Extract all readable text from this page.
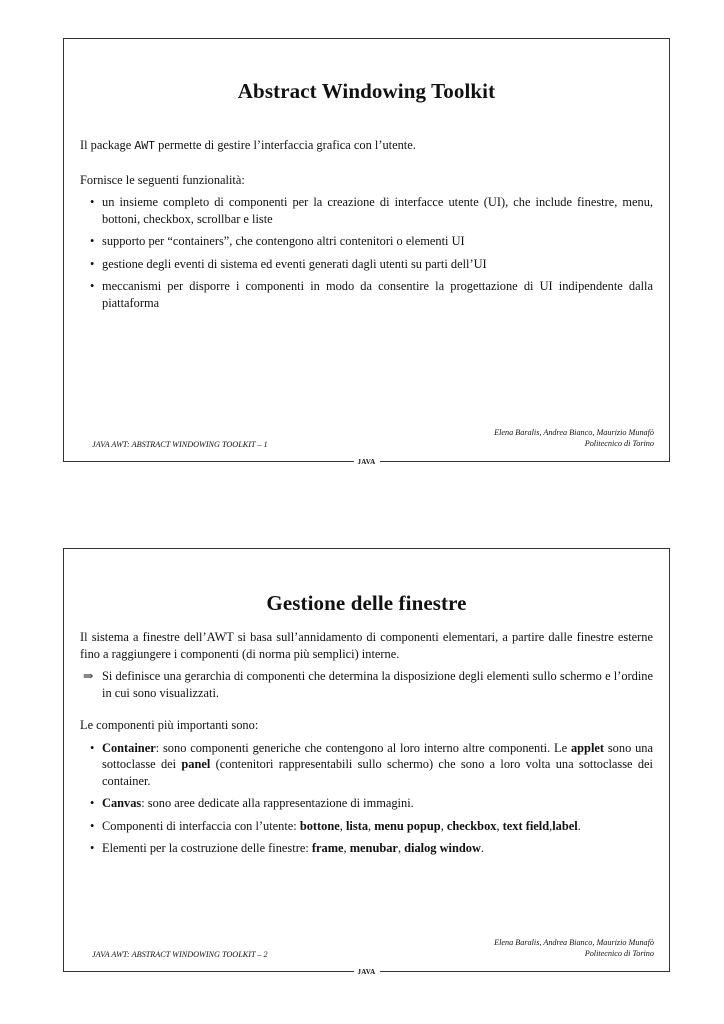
Abstract Windowing Toolkit

Il package AWT permette di gestire l’interfaccia grafica con l’utente.

Fornisce le seguenti funzionalità:

• un insieme completo di componenti per la creazione di interfacce utente (UI), che include finestre, menu, bottoni, checkbox, scrollbar e liste
• supporto per “containers”, che contengono altri contenitori o elementi UI
• gestione degli eventi di sistema ed eventi generati dagli utenti su parti dell’UI
• meccanismi per disporre i componenti in modo da consentire la progettazione di UI indipendente dalla piattaforma
Elena Baralis, Andrea Bianco, Maurizio Munafò
Politecnico di Torino
JAVA AWT: ABSTRACT WINDOWING TOOLKIT – 1
JAVA
Gestione delle finestre

Il sistema a finestre dell’AWT si basa sull’annidamento di componenti elementari, a partire dalle finestre esterne fino a raggiungere i componenti (di norma più semplici) interne.

⇒ Si definisce una gerarchia di componenti che determina la disposizione degli elementi sullo schermo e l’ordine in cui sono visualizzati.

Le componenti più importanti sono:

• Container: sono componenti generiche che contengono al loro interno altre componenti. Le applet sono una sottoclasse dei panel (contenitori rappresentabili sullo schermo) che sono a loro volta una sottoclasse dei container.
• Canvas: sono aree dedicate alla rappresentazione di immagini.
• Componenti di interfaccia con l’utente: bottone, lista, menu popup, checkbox, text field,label.
• Elementi per la costruzione delle finestre: frame, menubar, dialog window.
Elena Baralis, Andrea Bianco, Maurizio Munafò
Politecnico di Torino
JAVA AWT: ABSTRACT WINDOWING TOOLKIT – 2
JAVA
